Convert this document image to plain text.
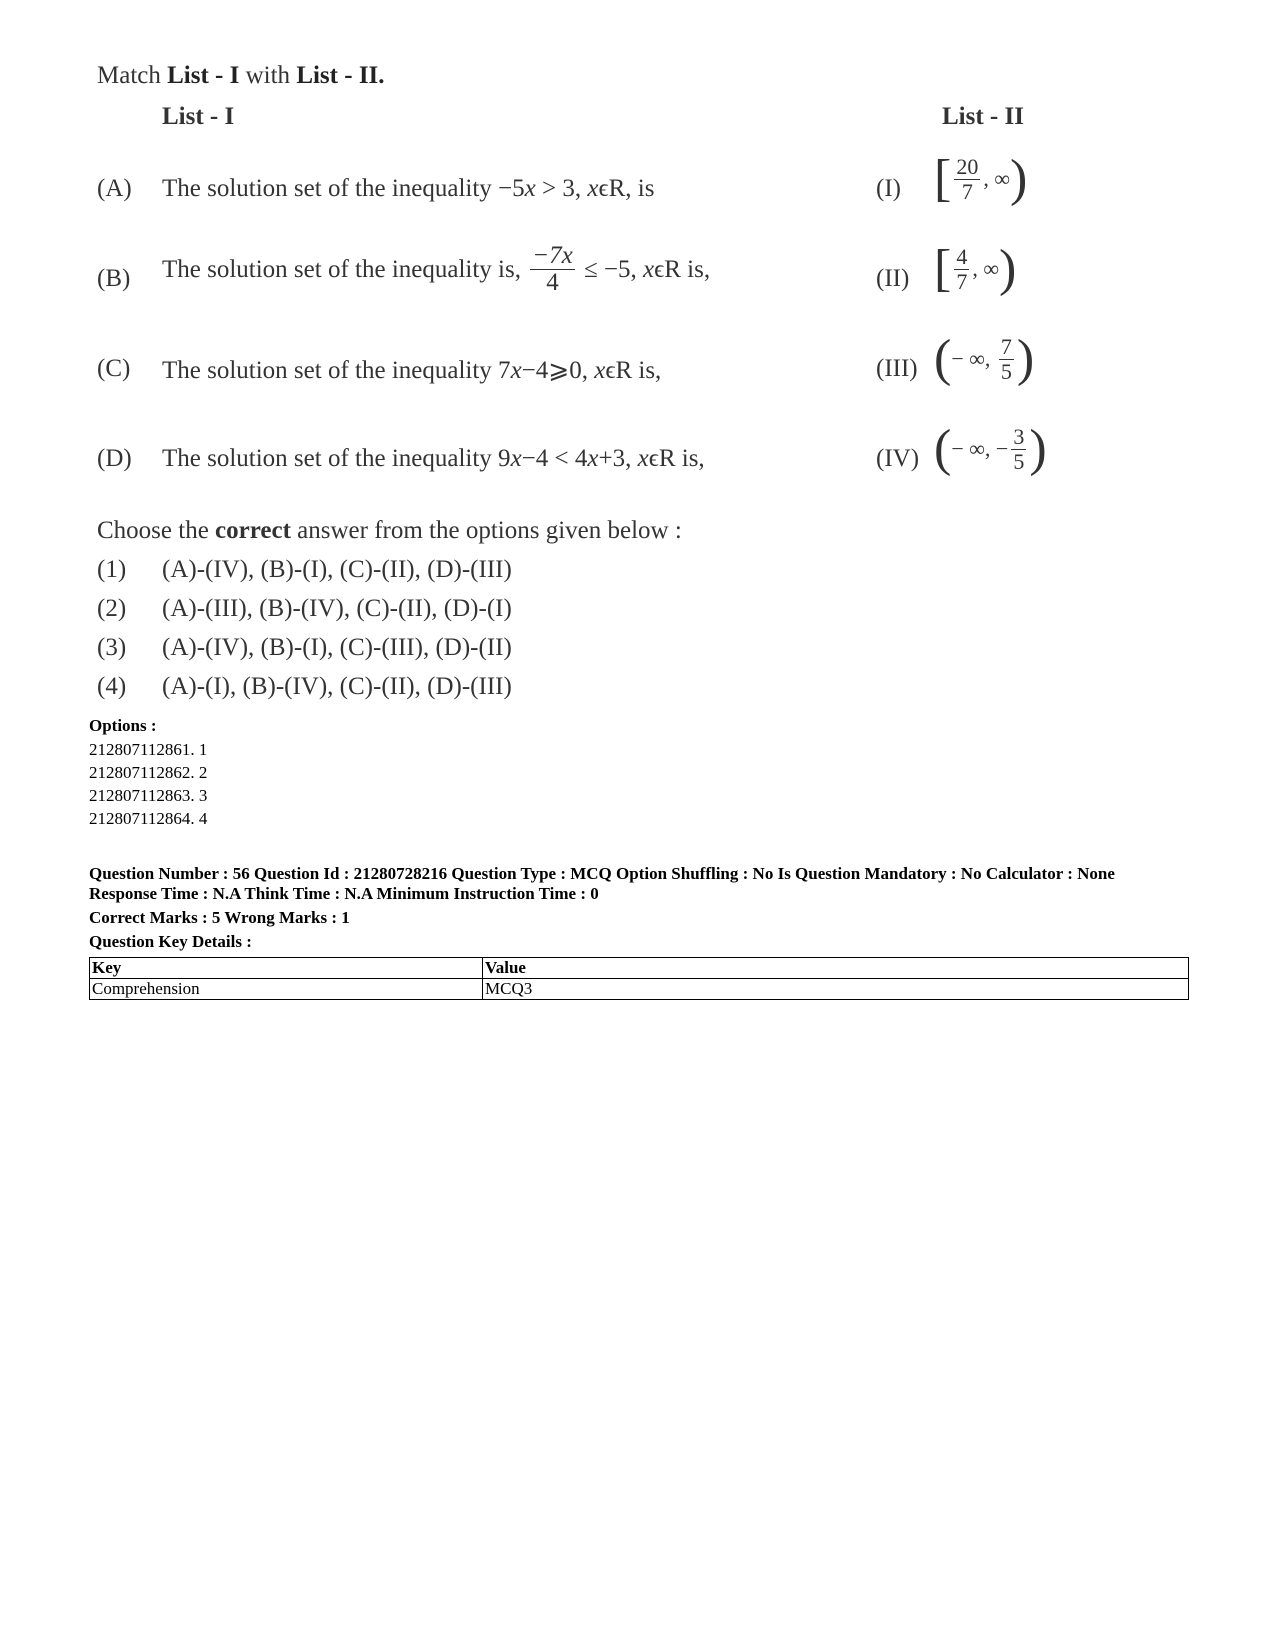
Match List - I with List - II.
List - I	List - II
(A) The solution set of the inequality −5x > 3, xϵR, is	(I) [ $\frac{20}{7}$ , ∞)
(B) The solution set of the inequality is, $\frac{-7x}{4} \le -5$, xϵR is,	(II) [ $\frac{4}{7}$ , ∞)
(C) The solution set of the inequality 7x−4⩾0, xϵR is,	(III) (− ∞, $\frac{7}{5}$ )
(D) The solution set of the inequality 9x−4 < 4x+3, xϵR is,	(IV) (− ∞, − $\frac{3}{5}$ )
Choose the correct answer from the options given below :
(1) (A)-(IV), (B)-(I), (C)-(II), (D)-(III)
(2) (A)-(III), (B)-(IV), (C)-(II), (D)-(I)
(3) (A)-(IV), (B)-(I), (C)-(III), (D)-(II)
(4) (A)-(I), (B)-(IV), (C)-(II), (D)-(III)
Options :
212807112861. 1
212807112862. 2
212807112863. 3
212807112864. 4
Question Number : 56 Question Id : 21280728216 Question Type : MCQ Option Shuffling : No Is Question Mandatory : No Calculator : None
Response Time : N.A Think Time : N.A Minimum Instruction Time : 0
Correct Marks : 5 Wrong Marks : 1
Question Key Details :
Key	Value
Comprehension	MCQ3
